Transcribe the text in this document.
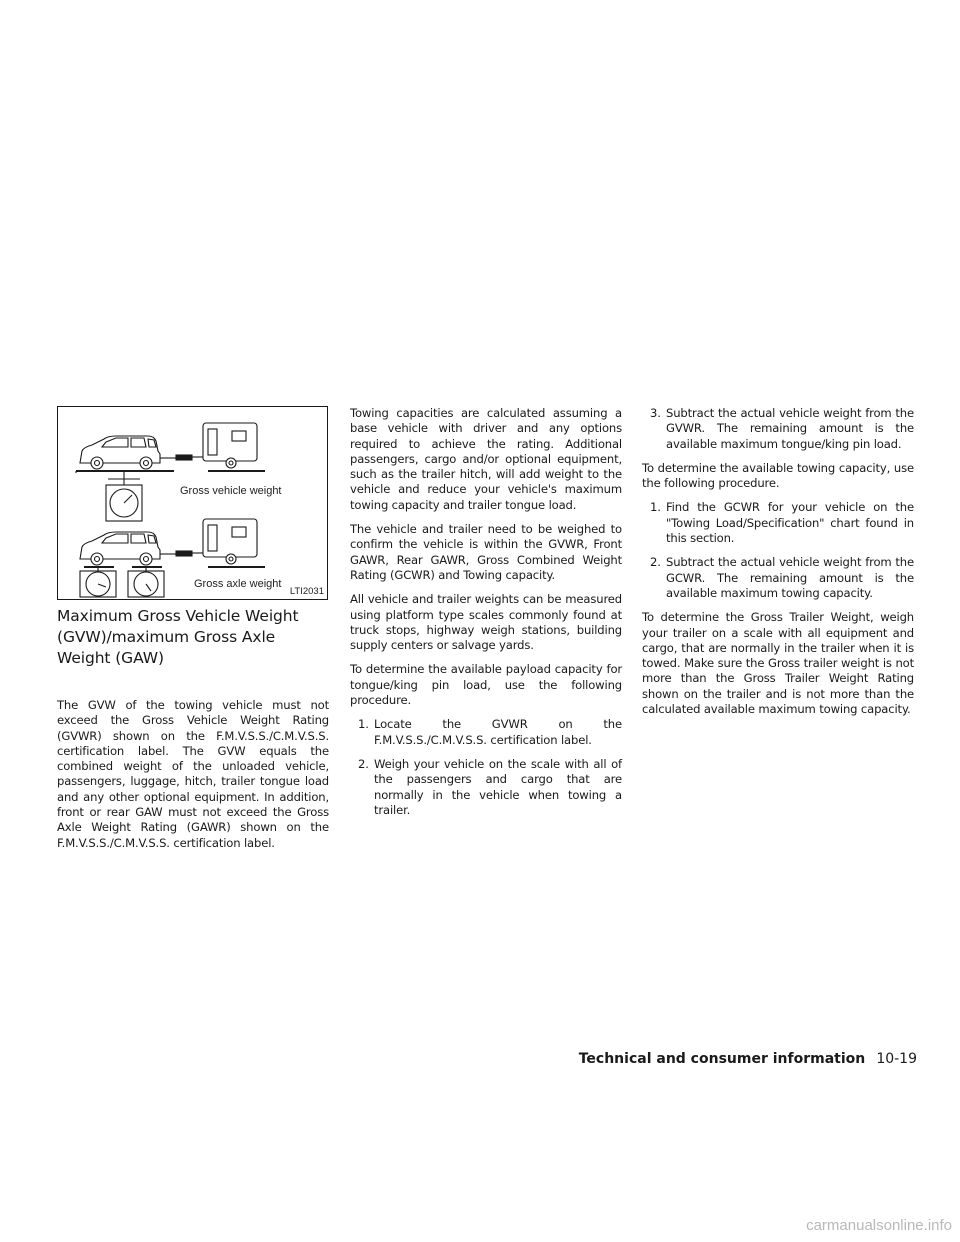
Gross vehicle weight
Gross axle weight
LTI2031
Maximum Gross Vehicle Weight (GVW)/maximum Gross Axle Weight (GAW)

The GVW of the towing vehicle must not exceed the Gross Vehicle Weight Rating (GVWR) shown on the F.M.V.S.S./C.M.V.S.S. certification label. The GVW equals the combined weight of the unloaded vehicle, passengers, luggage, hitch, trailer tongue load and any other optional equipment. In addition, front or rear GAW must not exceed the Gross Axle Weight Rating (GAWR) shown on the F.M.V.S.S./C.M.V.S.S. certification label.

Towing capacities are calculated assuming a base vehicle with driver and any options required to achieve the rating. Additional passengers, cargo and/or optional equipment, such as the trailer hitch, will add weight to the vehicle and reduce your vehicle's maximum towing capacity and trailer tongue load.

The vehicle and trailer need to be weighed to confirm the vehicle is within the GVWR, Front GAWR, Rear GAWR, Gross Combined Weight Rating (GCWR) and Towing capacity.

All vehicle and trailer weights can be measured using platform type scales commonly found at truck stops, highway weigh stations, building supply centers or salvage yards.

To determine the available payload capacity for tongue/king pin load, use the following procedure.

1. Locate the GVWR on the F.M.V.S.S./C.M.V.S.S. certification label.

2. Weigh your vehicle on the scale with all of the passengers and cargo that are normally in the vehicle when towing a trailer.

3. Subtract the actual vehicle weight from the GVWR. The remaining amount is the available maximum tongue/king pin load.

To determine the available towing capacity, use the following procedure.

1. Find the GCWR for your vehicle on the "Towing Load/Specification" chart found in this section.

2. Subtract the actual vehicle weight from the GCWR. The remaining amount is the available maximum towing capacity.

To determine the Gross Trailer Weight, weigh your trailer on a scale with all equipment and cargo, that are normally in the trailer when it is towed. Make sure the Gross trailer weight is not more than the Gross Trailer Weight Rating shown on the trailer and is not more than the calculated available maximum towing capacity.

Technical and consumer information 10-19
carmanualsonline.info
